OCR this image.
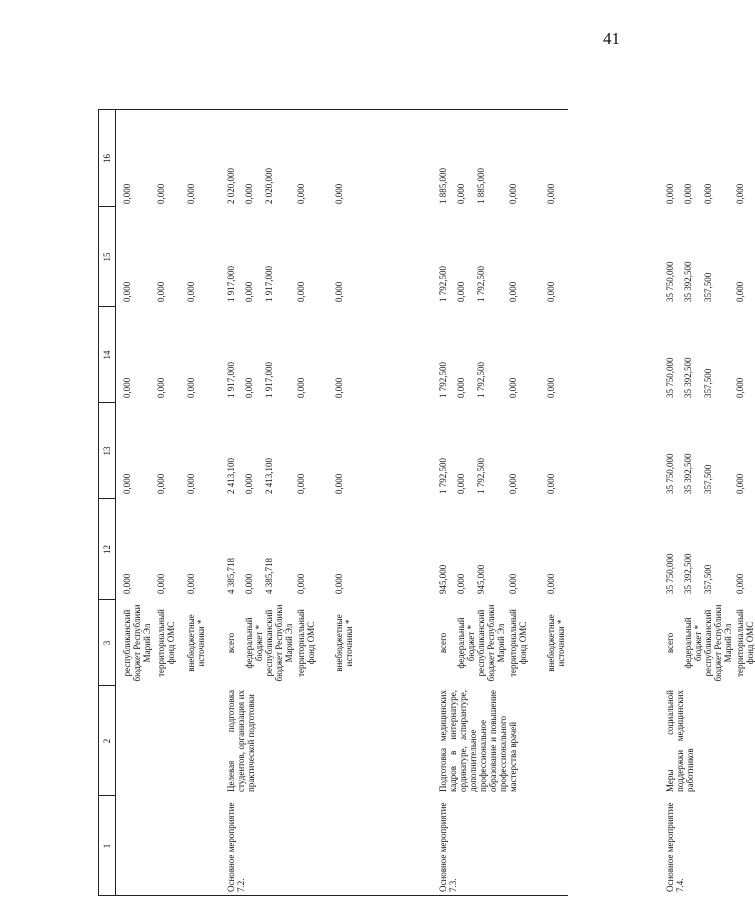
41
1
2
3
12
13
14
15
16
республиканский бюджет Республики Марий Эл
0,000
0,000
0,000
0,000
0,000
территориальный фонд ОМС
0,000
0,000
0,000
0,000
0,000
внебюджетные источники *
0,000
0,000
0,000
0,000
0,000
Основное мероприятие 7.2.
Целевая подготовка студентов, организация их практической подготовки
всего
4 385,718
2 413,100
1 917,000
1 917,000
2 020,000
федеральный бюджет *
0,000
0,000
0,000
0,000
0,000
республиканский бюджет Республики Марий Эл
4 385,718
2 413,100
1 917,000
1 917,000
2 020,000
территориальный фонд ОМС
0,000
0,000
0,000
0,000
0,000
внебюджетные источники *
0,000
0,000
0,000
0,000
0,000
Основное мероприятие 7.3.
Подготовка медицинских кадров в интернатуре, ординатуре, аспирантуре, дополнительное профессиональное образование и повышение профессионального мастерства врачей
всего
945,000
1 792,500
1 792,500
1 792,500
1 885,000
федеральный бюджет *
0,000
0,000
0,000
0,000
0,000
республиканский бюджет Республики Марий Эл
945,000
1 792,500
1 792,500
1 792,500
1 885,000
территориальный фонд ОМС
0,000
0,000
0,000
0,000
0,000
внебюджетные источники *
0,000
0,000
0,000
0,000
0,000
Основное мероприятие 7.4.
Меры социальной поддержки медицинских работников
всего
35 750,000
35 750,000
35 750,000
35 750,000
0,000
федеральный бюджет *
35 392,500
35 392,500
35 392,500
35 392,500
0,000
республиканский бюджет Республики Марий Эл
357,500
357,500
357,500
357,500
0,000
территориальный фонд ОМС
0,000
0,000
0,000
0,000
0,000
